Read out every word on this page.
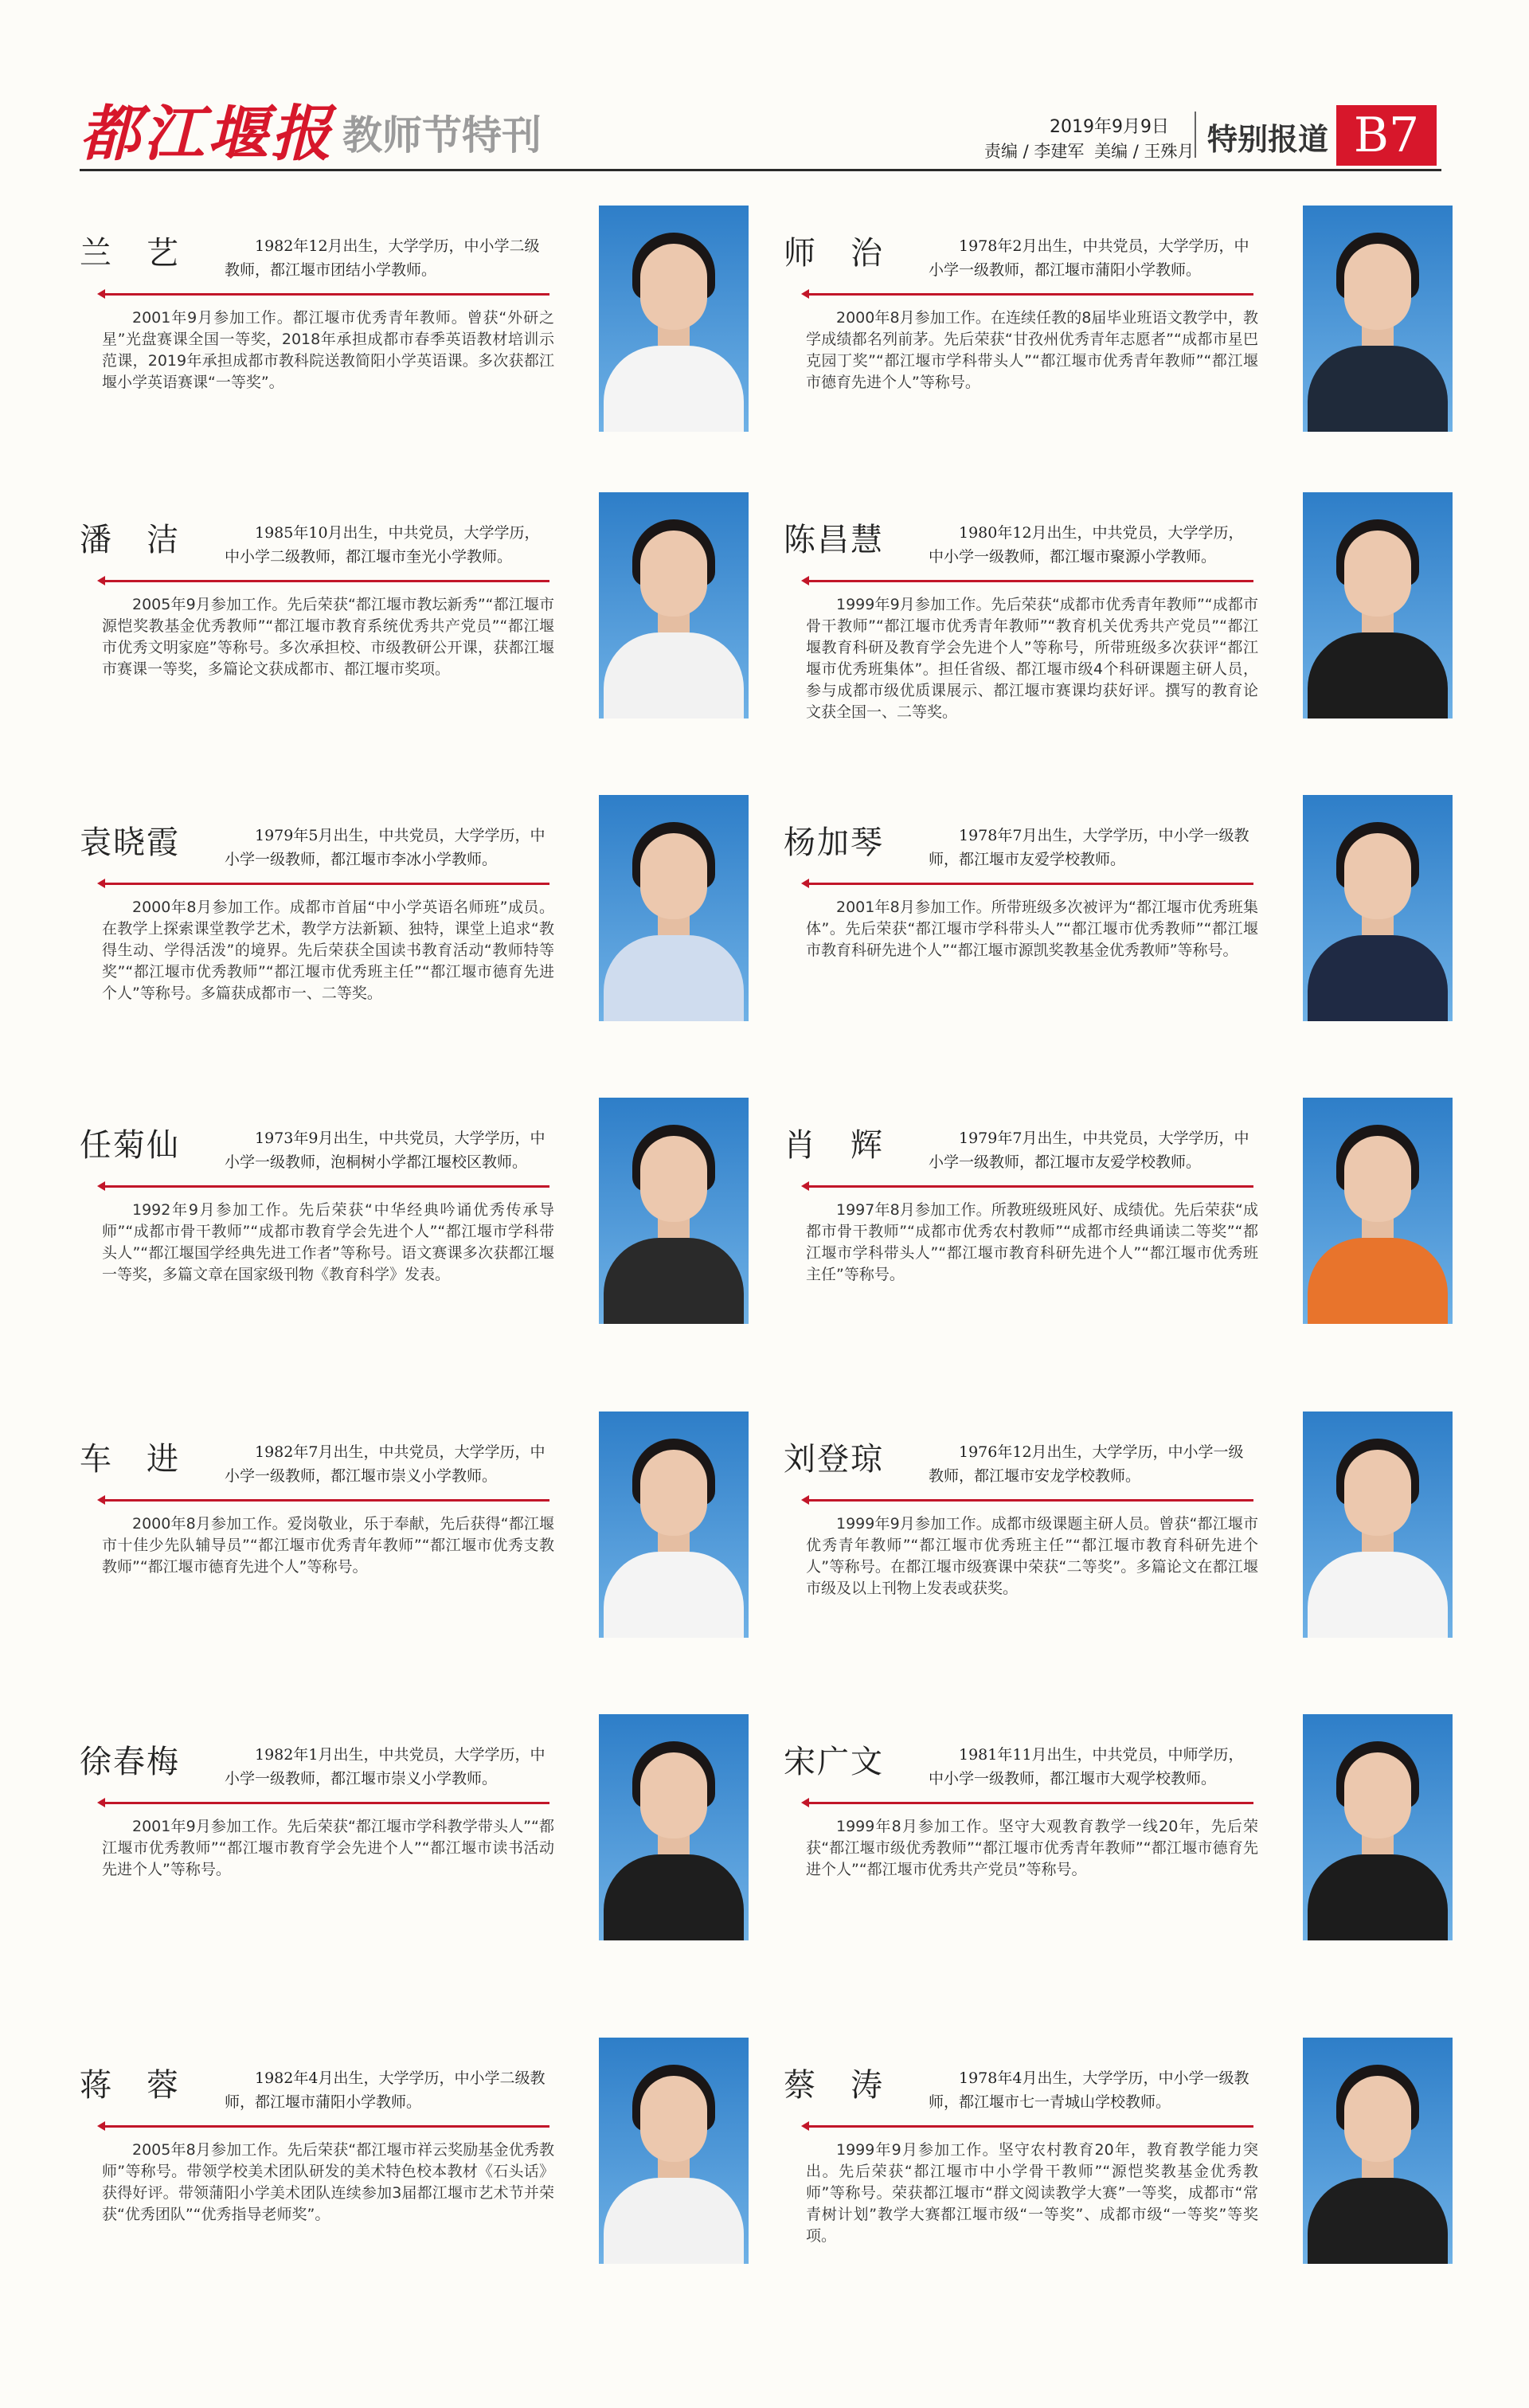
都江堰报 教师节特刊	2019年9月9日
责编 / 李建军 美编 / 王殊月 特别报道 B7
兰　艺	1982年12月出生，大学学历，中小学二级教师，都江堰市团结小学教师。
2001年9月参加工作。都江堰市优秀青年教师。曾获“外研之星”光盘赛课全国一等奖，2018年承担成都市春季英语教材培训示范课，2019年承担成都市教科院送教简阳小学英语课。多次获都江堰小学英语赛课“一等奖”。
潘　洁	1985年10月出生，中共党员，大学学历，中小学二级教师，都江堰市奎光小学教师。
2005年9月参加工作。先后荣获“都江堰市教坛新秀”“都江堰市源恺奖教基金优秀教师”“都江堰市教育系统优秀共产党员”“都江堰市优秀文明家庭”等称号。多次承担校、市级教研公开课，获都江堰市赛课一等奖，多篇论文获成都市、都江堰市奖项。
袁晓霞	1979年5月出生，中共党员，大学学历，中小学一级教师，都江堰市李冰小学教师。
2000年8月参加工作。成都市首届“中小学英语名师班”成员。在教学上探索课堂教学艺术，教学方法新颖、独特，课堂上追求“教得生动、学得活泼”的境界。先后荣获全国读书教育活动“教师特等奖”“都江堰市优秀教师”“都江堰市优秀班主任”“都江堰市德育先进个人”等称号。多篇获成都市一、二等奖。
任菊仙	1973年9月出生，中共党员，大学学历，中小学一级教师，泡桐树小学都江堰校区教师。
1992年9月参加工作。先后荣获“中华经典吟诵优秀传承导师”“成都市骨干教师”“成都市教育学会先进个人”“都江堰市学科带头人”“都江堰国学经典先进工作者”等称号。语文赛课多次获都江堰一等奖，多篇文章在国家级刊物《教育科学》发表。
车　进	1982年7月出生，中共党员，大学学历，中小学一级教师，都江堰市崇义小学教师。
2000年8月参加工作。爱岗敬业，乐于奉献，先后获得“都江堰市十佳少先队辅导员”“都江堰市优秀青年教师”“都江堰市优秀支教教师”“都江堰市德育先进个人”等称号。
徐春梅	1982年1月出生，中共党员，大学学历，中小学一级教师，都江堰市崇义小学教师。
2001年9月参加工作。先后荣获“都江堰市学科教学带头人”“都江堰市优秀教师”“都江堰市教育学会先进个人”“都江堰市读书活动先进个人”等称号。
蒋　蓉	1982年4月出生，大学学历，中小学二级教师，都江堰市蒲阳小学教师。
2005年8月参加工作。先后荣获“都江堰市祥云奖励基金优秀教师”等称号。带领学校美术团队研发的美术特色校本教材《石头话》获得好评。带领蒲阳小学美术团队连续参加3届都江堰市艺术节并荣获“优秀团队”“优秀指导老师奖”。
师　治	1978年2月出生，中共党员，大学学历，中小学一级教师，都江堰市蒲阳小学教师。
2000年8月参加工作。在连续任教的8届毕业班语文教学中，教学成绩都名列前茅。先后荣获“甘孜州优秀青年志愿者”“成都市星巴克园丁奖”“都江堰市学科带头人”“都江堰市优秀青年教师”“都江堰市德育先进个人”等称号。
陈昌慧	1980年12月出生，中共党员，大学学历，中小学一级教师，都江堰市聚源小学教师。
1999年9月参加工作。先后荣获“成都市优秀青年教师”“成都市骨干教师”“都江堰市优秀青年教师”“教育机关优秀共产党员”“都江堰教育科研及教育学会先进个人”等称号，所带班级多次获评“都江堰市优秀班集体”。担任省级、都江堰市级4个科研课题主研人员，参与成都市级优质课展示、都江堰市赛课均获好评。撰写的教育论文获全国一、二等奖。
杨加琴	1978年7月出生，大学学历，中小学一级教师，都江堰市友爱学校教师。
2001年8月参加工作。所带班级多次被评为“都江堰市优秀班集体”。先后荣获“都江堰市学科带头人”“都江堰市优秀教师”“都江堰市教育科研先进个人”“都江堰市源凯奖教基金优秀教师”等称号。
肖　辉	1979年7月出生，中共党员，大学学历，中小学一级教师，都江堰市友爱学校教师。
1997年8月参加工作。所教班级班风好、成绩优。先后荣获“成都市骨干教师”“成都市优秀农村教师”“成都市经典诵读二等奖”“都江堰市学科带头人”“都江堰市教育科研先进个人”“都江堰市优秀班主任”等称号。
刘登琼	1976年12月出生，大学学历，中小学一级教师，都江堰市安龙学校教师。
1999年9月参加工作。成都市级课题主研人员。曾获“都江堰市优秀青年教师”“都江堰市优秀班主任”“都江堰市教育科研先进个人”等称号。在都江堰市级赛课中荣获“二等奖”。多篇论文在都江堰市级及以上刊物上发表或获奖。
宋广文	1981年11月出生，中共党员，中师学历，中小学一级教师，都江堰市大观学校教师。
1999年8月参加工作。坚守大观教育教学一线20年，先后荣获“都江堰市级优秀教师”“都江堰市优秀青年教师”“都江堰市德育先进个人”“都江堰市优秀共产党员”等称号。
蔡　涛	1978年4月出生，大学学历，中小学一级教师，都江堰市七一青城山学校教师。
1999年9月参加工作。坚守农村教育20年，教育教学能力突出。先后荣获“都江堰市中小学骨干教师”“源恺奖教基金优秀教师”等称号。荣获都江堰市“群文阅读教学大赛”一等奖，成都市“常青树计划”教学大赛都江堰市级“一等奖”、成都市级“一等奖”等奖项。
